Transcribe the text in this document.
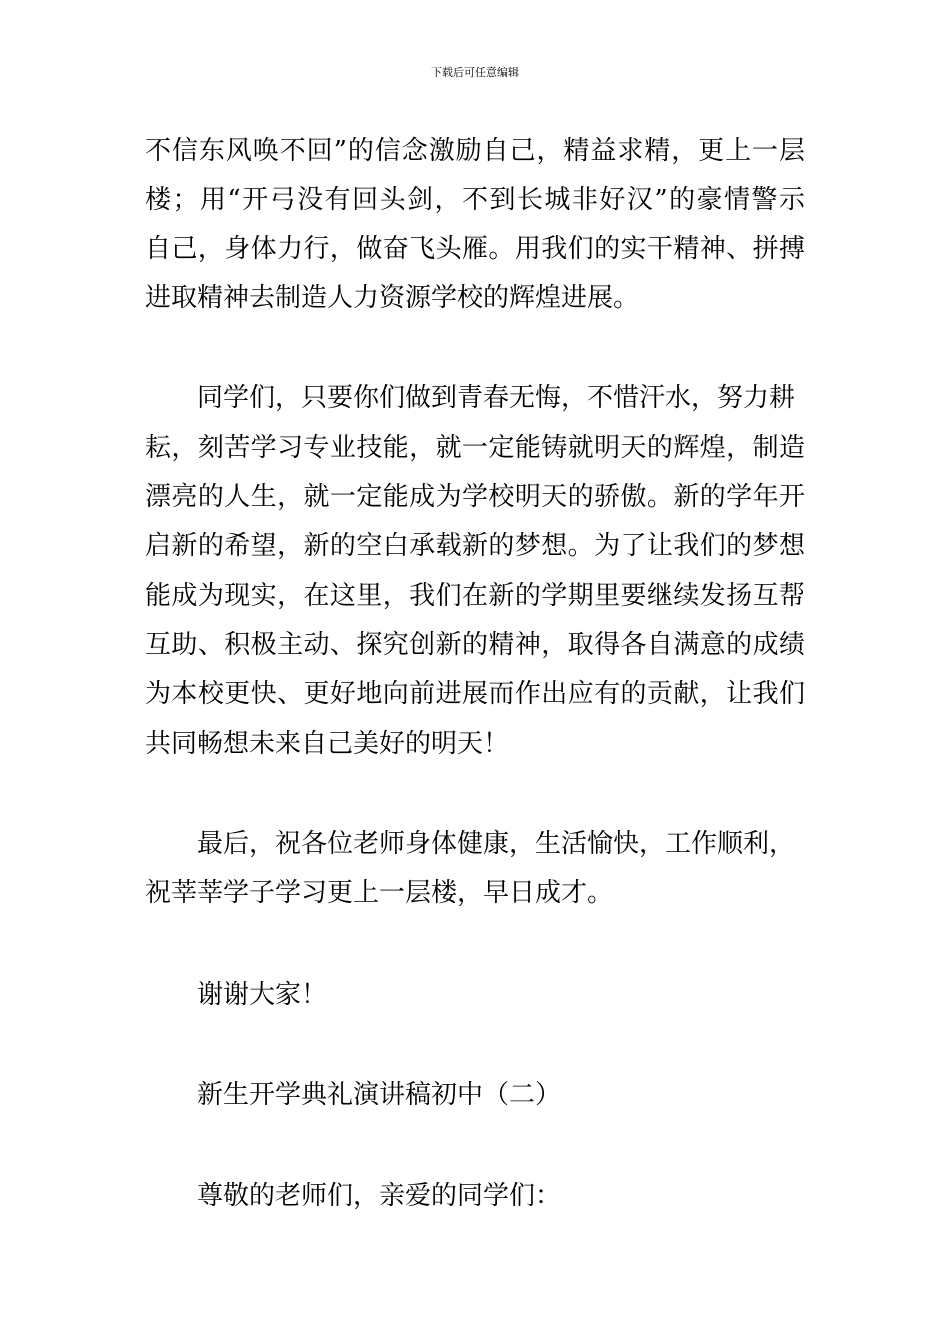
下载后可任意编辑
不信东风唤不回”的信念激励自己，精益求精，更上一层
楼；用“开弓没有回头剑，不到长城非好汉”的豪情警示
自己，身体力行，做奋飞头雁。用我们的实干精神、拼搏
进取精神去制造人力资源学校的辉煌进展。
同学们，只要你们做到青春无悔，不惜汗水，努力耕
耘，刻苦学习专业技能，就一定能铸就明天的辉煌，制造
漂亮的人生，就一定能成为学校明天的骄傲。新的学年开
启新的希望，新的空白承载新的梦想。为了让我们的梦想
能成为现实，在这里，我们在新的学期里要继续发扬互帮
互助、积极主动、探究创新的精神，取得各自满意的成绩
为本校更快、更好地向前进展而作出应有的贡献，让我们
共同畅想未来自己美好的明天！
最后，祝各位老师身体健康，生活愉快，工作顺利，
祝莘莘学子学习更上一层楼，早日成才。
谢谢大家！
新生开学典礼演讲稿初中（二）
尊敬的老师们，亲爱的同学们：
